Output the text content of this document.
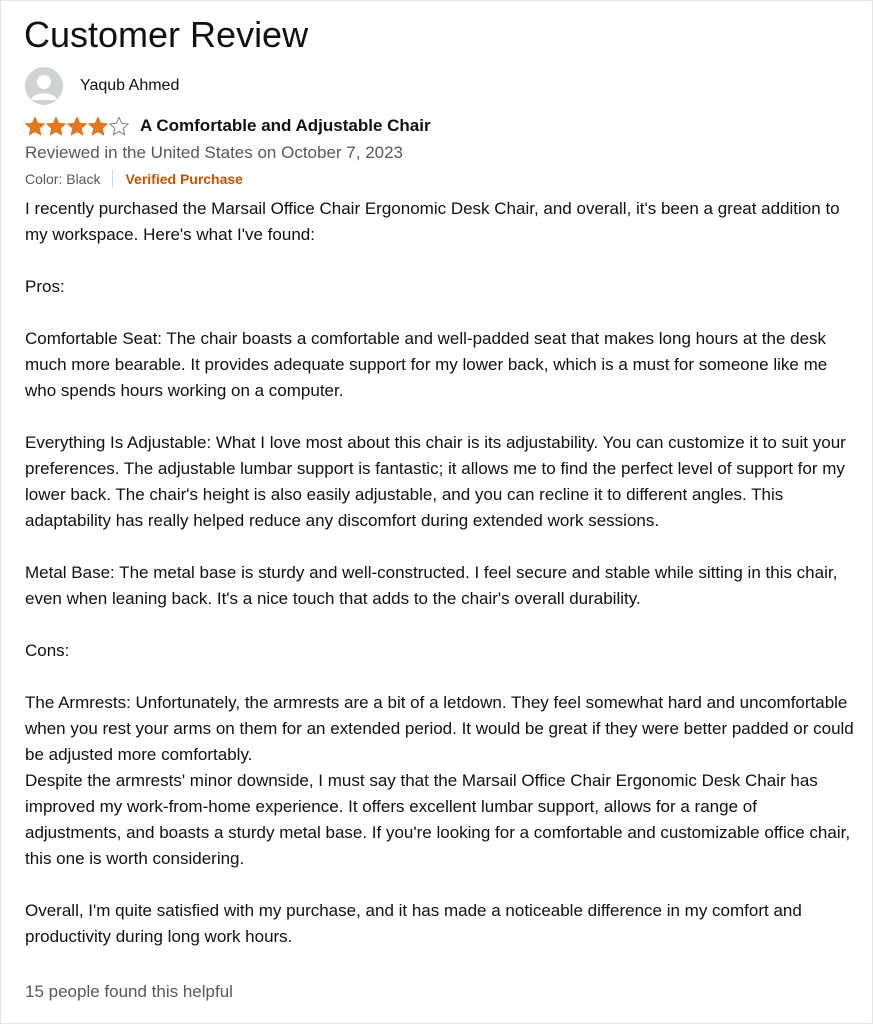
Customer Review
Yaqub Ahmed
A Comfortable and Adjustable Chair
Reviewed in the United States on October 7, 2023
Color: Black Verified Purchase

I recently purchased the Marsail Office Chair Ergonomic Desk Chair, and overall, it's been a great addition to my workspace. Here's what I've found:

Pros:

Comfortable Seat: The chair boasts a comfortable and well-padded seat that makes long hours at the desk much more bearable. It provides adequate support for my lower back, which is a must for someone like me who spends hours working on a computer.

Everything Is Adjustable: What I love most about this chair is its adjustability. You can customize it to suit your preferences. The adjustable lumbar support is fantastic; it allows me to find the perfect level of support for my lower back. The chair's height is also easily adjustable, and you can recline it to different angles. This adaptability has really helped reduce any discomfort during extended work sessions.

Metal Base: The metal base is sturdy and well-constructed. I feel secure and stable while sitting in this chair, even when leaning back. It's a nice touch that adds to the chair's overall durability.

Cons:

The Armrests: Unfortunately, the armrests are a bit of a letdown. They feel somewhat hard and uncomfortable when you rest your arms on them for an extended period. It would be great if they were better padded or could be adjusted more comfortably.

Despite the armrests' minor downside, I must say that the Marsail Office Chair Ergonomic Desk Chair has improved my work-from-home experience. It offers excellent lumbar support, allows for a range of adjustments, and boasts a sturdy metal base. If you're looking for a comfortable and customizable office chair, this one is worth considering.

Overall, I'm quite satisfied with my purchase, and it has made a noticeable difference in my comfort and productivity during long work hours.

15 people found this helpful
